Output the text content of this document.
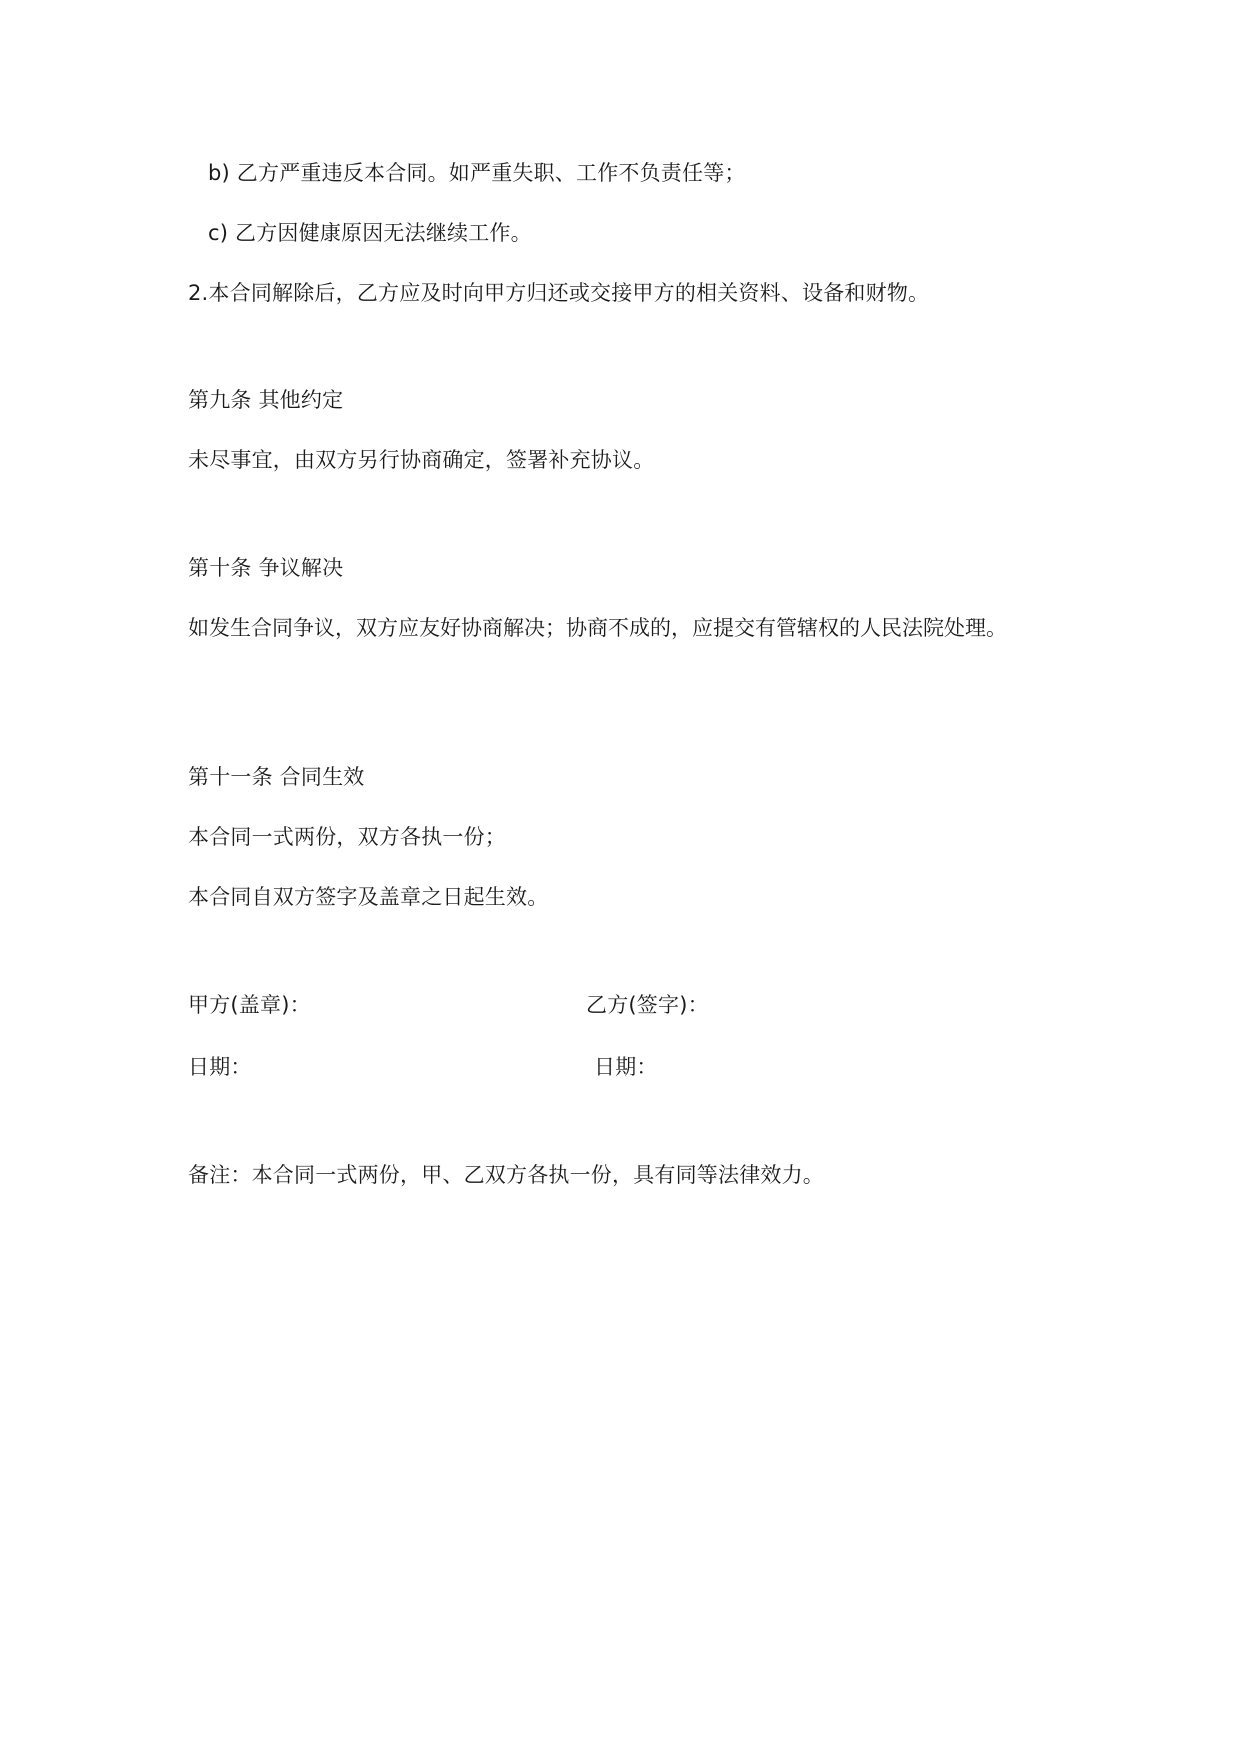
b) 乙方严重违反本合同。如严重失职、工作不负责任等；
c) 乙方因健康原因无法继续工作。
2.本合同解除后，乙方应及时向甲方归还或交接甲方的相关资料、设备和财物。
第九条 其他约定
未尽事宜，由双方另行协商确定，签署补充协议。
第十条 争议解决
如发生合同争议，双方应友好协商解决；协商不成的，应提交有管辖权的人民法院处理。
第十一条 合同生效
本合同一式两份，双方各执一份；
本合同自双方签字及盖章之日起生效。
甲方(盖章)：	乙方(签字)：
日期：	日期：
备注：本合同一式两份，甲、乙双方各执一份，具有同等法律效力。
